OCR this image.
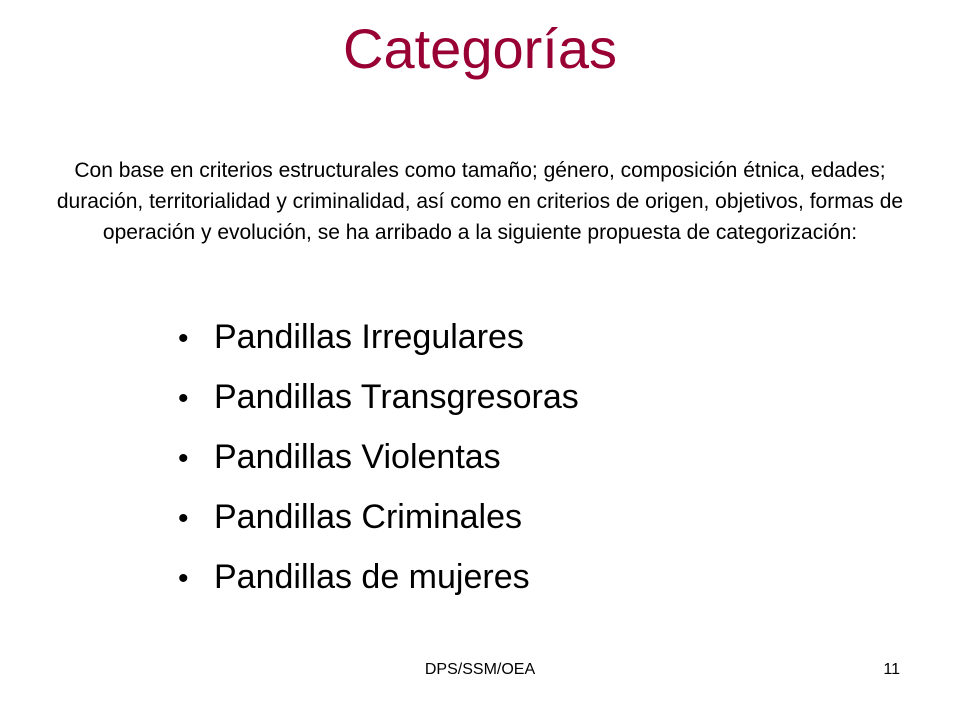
Categorías

Con base en criterios estructurales como tamaño; género, composición étnica, edades; duración, territorialidad y criminalidad, así como en criterios de origen, objetivos, formas de operación y evolución, se ha arribado a la siguiente propuesta de categorización:

• Pandillas Irregulares
• Pandillas Transgresoras
• Pandillas Violentas
• Pandillas Criminales
• Pandillas de mujeres
DPS/SSM/OEA	11
